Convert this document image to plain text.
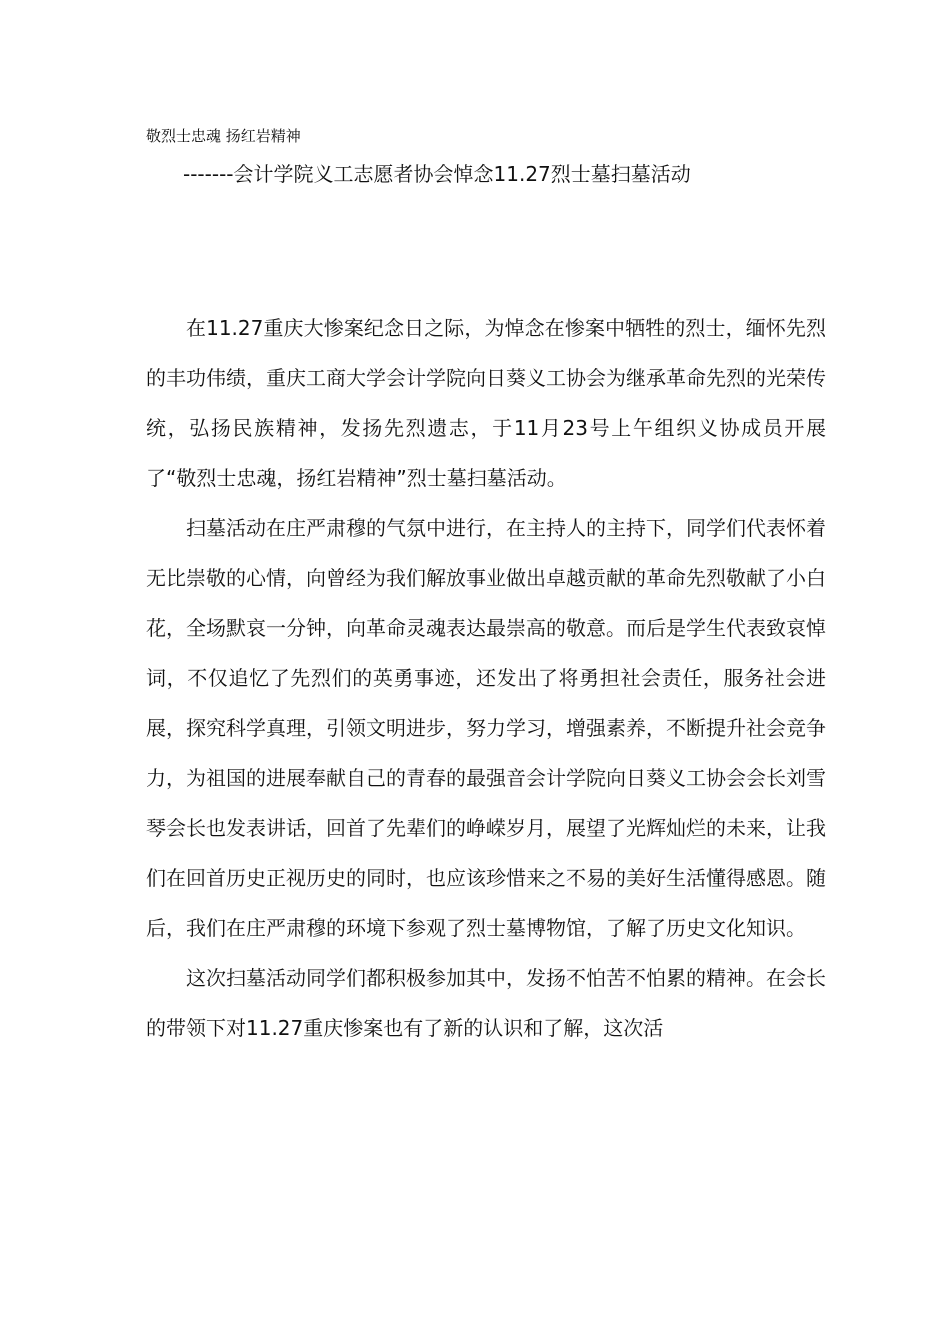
敬烈士忠魂 扬红岩精神
-------会计学院义工志愿者协会悼念11.27烈士墓扫墓活动

在11.27重庆大惨案纪念日之际，为悼念在惨案中牺牲的烈士，缅怀先烈的丰功伟绩，重庆工商大学会计学院向日葵义工协会为继承革命先烈的光荣传统，弘扬民族精神，发扬先烈遗志，于11月23号上午组织义协成员开展了“敬烈士忠魂，扬红岩精神”烈士墓扫墓活动。

扫墓活动在庄严肃穆的气氛中进行，在主持人的主持下，同学们代表怀着无比崇敬的心情，向曾经为我们解放事业做出卓越贡献的革命先烈敬献了小白花，全场默哀一分钟，向革命灵魂表达最崇高的敬意。而后是学生代表致哀悼词，不仅追忆了先烈们的英勇事迹，还发出了将勇担社会责任，服务社会进展，探究科学真理，引领文明进步，努力学习，增强素养，不断提升社会竞争力，为祖国的进展奉献自己的青春的最强音会计学院向日葵义工协会会长刘雪琴会长也发表讲话，回首了先辈们的峥嵘岁月，展望了光辉灿烂的未来，让我们在回首历史正视历史的同时，也应该珍惜来之不易的美好生活懂得感恩。随后，我们在庄严肃穆的环境下参观了烈士墓博物馆，了解了历史文化知识。

这次扫墓活动同学们都积极参加其中，发扬不怕苦不怕累的精神。在会长的带领下对11.27重庆惨案也有了新的认识和了解，这次活
